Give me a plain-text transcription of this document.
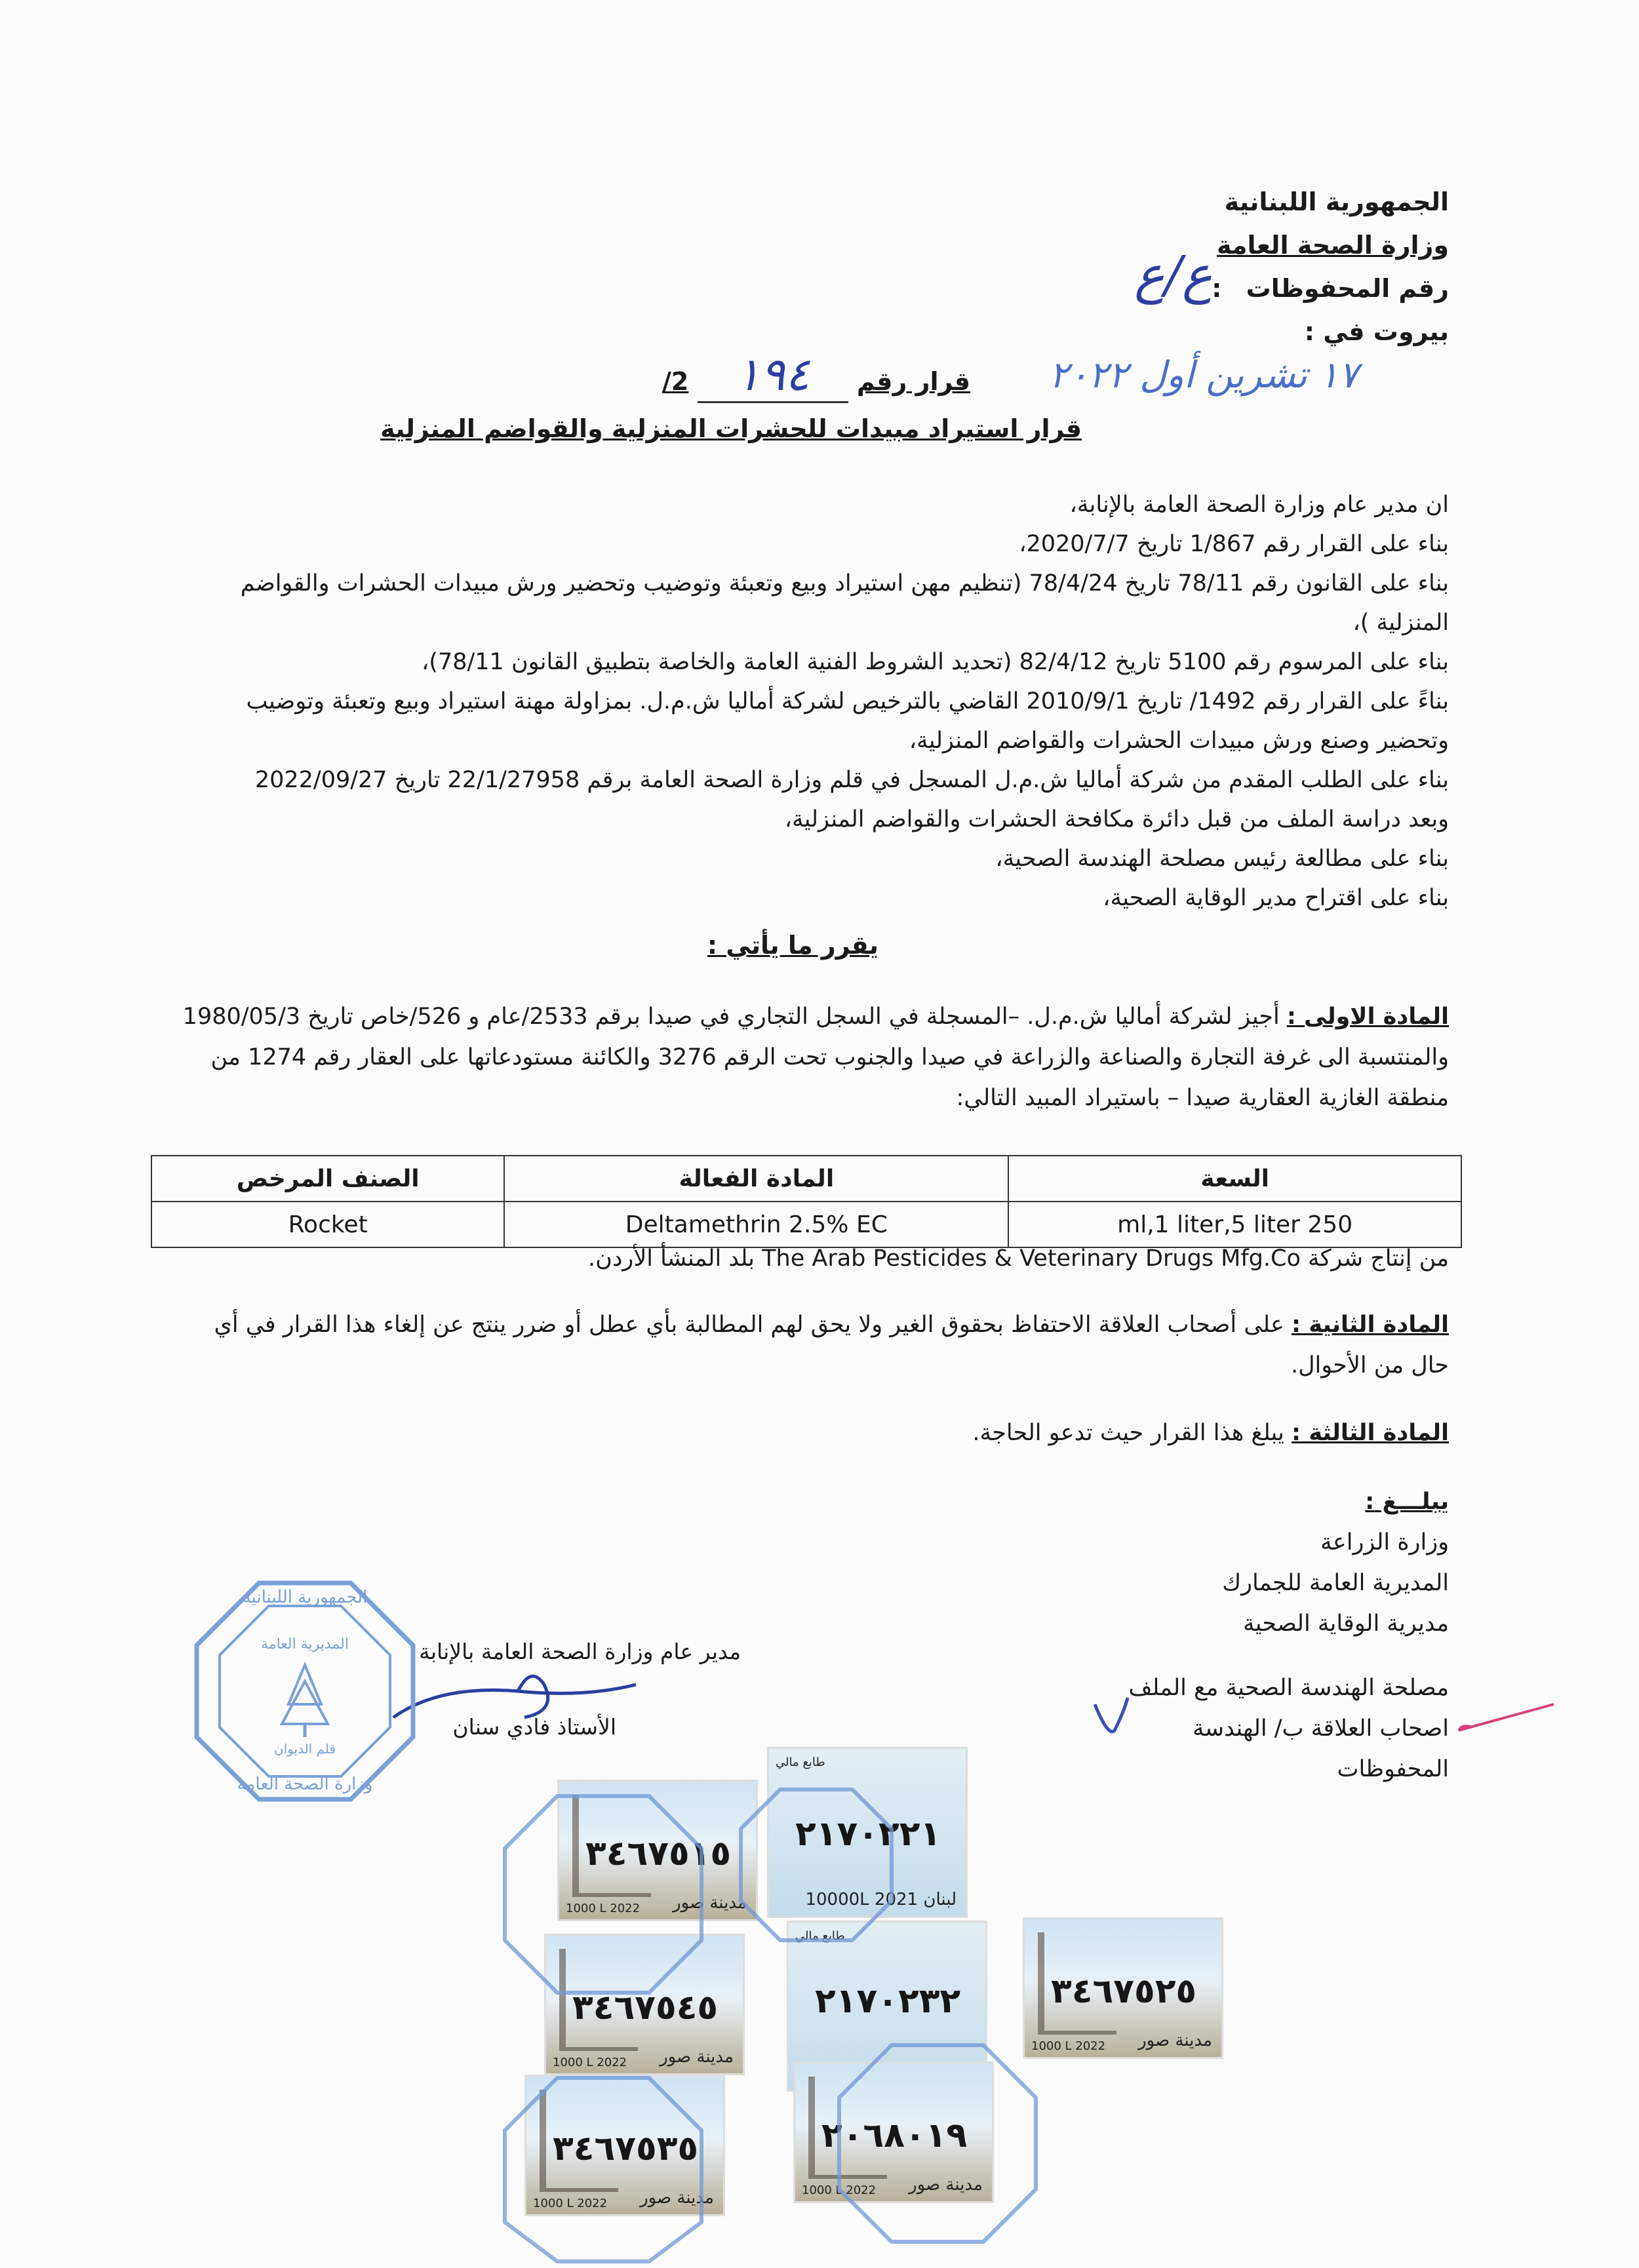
الجمهورية اللبنانية
وزارة الصحة العامة
رقم المحفوظات :
بيروت في :
ع/ع
١٧ تشرين أول ٢٠٢٢
قرار رقم ١٩٤ 2/
قرار استيراد مبيدات للحشرات المنزلية والقواضم المنزلية
ان مدير عام وزارة الصحة العامة بالإنابة،
بناء على القرار رقم 1/867 تاريخ 2020/7/7،
بناء على القانون رقم 78/11 تاريخ 78/4/24 (تنظيم مهن استيراد وبيع وتعبئة وتوضيب وتحضير ورش مبيدات الحشرات والقواضم
المنزلية )،
بناء على المرسوم رقم 5100 تاريخ 82/4/12 (تحديد الشروط الفنية العامة والخاصة بتطبيق القانون 78/11)،
بناءً على القرار رقم 1492/ تاريخ 2010/9/1 القاضي بالترخيص لشركة أماليا ش.م.ل. بمزاولة مهنة استيراد وبيع وتعبئة وتوضيب
وتحضير وصنع ورش مبيدات الحشرات والقواضم المنزلية،
بناء على الطلب المقدم من شركة أماليا ش.م.ل المسجل في قلم وزارة الصحة العامة برقم 22/1/27958 تاريخ 2022/09/27
وبعد دراسة الملف من قبل دائرة مكافحة الحشرات والقواضم المنزلية،
بناء على مطالعة رئيس مصلحة الهندسة الصحية،
بناء على اقتراح مدير الوقاية الصحية،
يقرر ما يأتي :
المادة الاولى : أجيز لشركة أماليا ش.م.ل. –المسجلة في السجل التجاري في صيدا برقم 2533/عام و 526/خاص تاريخ 1980/05/3
والمنتسبة الى غرفة التجارة والصناعة والزراعة في صيدا والجنوب تحت الرقم 3276 والكائنة مستودعاتها على العقار رقم 1274 من
منطقة الغازية العقارية صيدا – باستيراد المبيد التالي:
السعة	المادة الفعالة	الصنف المرخص
250 ml,1 liter,5 liter	Deltamethrin 2.5% EC	Rocket
من إنتاج شركة The Arab Pesticides & Veterinary Drugs Mfg.Co بلد المنشأ الأردن.
المادة الثانية : على أصحاب العلاقة الاحتفاظ بحقوق الغير ولا يحق لهم المطالبة بأي عطل أو ضرر ينتج عن إلغاء هذا القرار في أي
حال من الأحوال.
المادة الثالثة : يبلغ هذا القرار حيث تدعو الحاجة.
يبلـــغ :
وزارة الزراعة
المديرية العامة للجمارك
مديرية الوقاية الصحية
مصلحة الهندسة الصحية مع الملف
اصحاب العلاقة ب/ الهندسة
المحفوظات
مدير عام وزارة الصحة العامة بالإنابة
الأستاذ فادي سنان
الجمهورية اللبنانية
المديرية العامة
قلم الديوان
وزارة الصحة العامة
٣٤٦٧٥١٥
مدينة صور
1000 L 2022
٢١٧٠٢٢١
10000L لبنان 2021
طابع مالي
٣٤٦٧٥٤٥
مدينة صور
1000 L 2022
٢١٧٠٢٣٢
طابع مالي
٣٤٦٧٥٢٥
مدينة صور
1000 L 2022
٣٤٦٧٥٣٥
مدينة صور
1000 L 2022
٢٠٦٨٠١٩
مدينة صور
1000 L 2022
